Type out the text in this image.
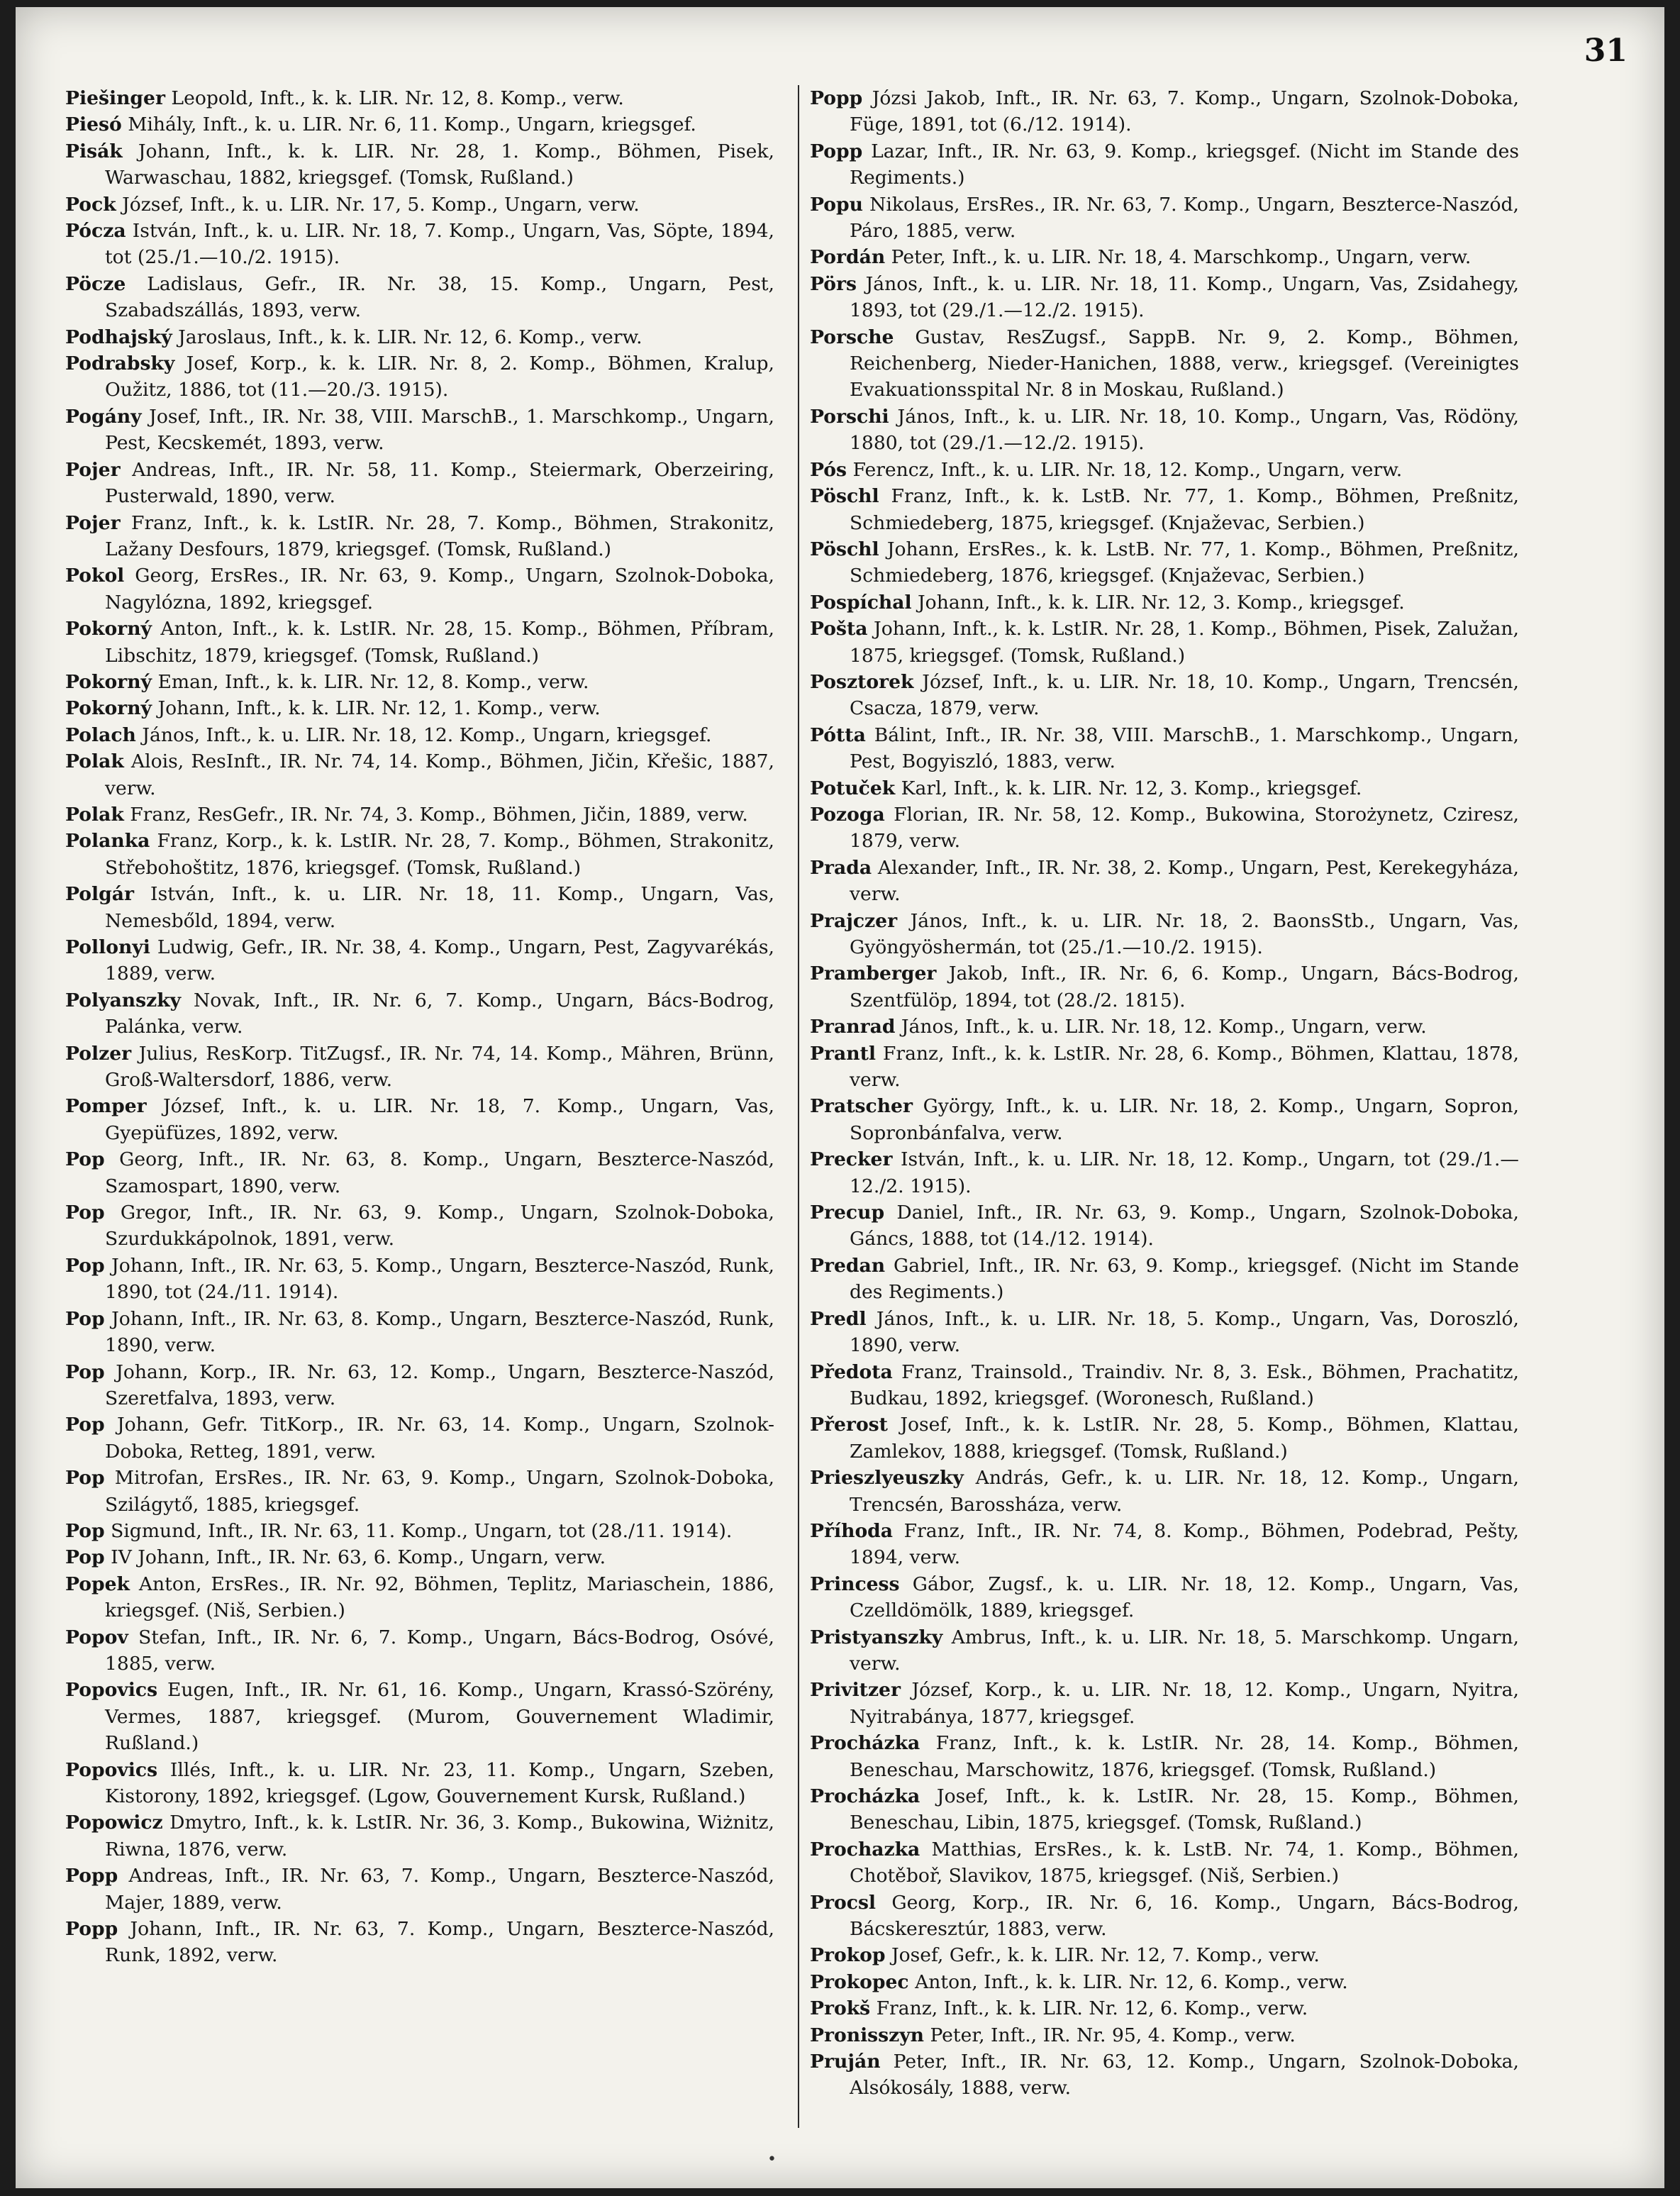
31

Piešinger Leopold, Inft., k. k. LIR. Nr. 12, 8. Komp., verw.

Piesó Mihály, Inft., k. u. LIR. Nr. 6, 11. Komp., Ungarn, kriegsgef.

Pisák Johann, Inft., k. k. LIR. Nr. 28, 1. Komp., Böhmen, Pisek, Warwaschau, 1882, kriegsgef. (Tomsk, Rußland.)

Pock József, Inft., k. u. LIR. Nr. 17, 5. Komp., Ungarn, verw.

Pócza István, Inft., k. u. LIR. Nr. 18, 7. Komp., Ungarn, Vas, Söpte, 1894, tot (25./1.—10./2. 1915).

Pöcze Ladislaus, Gefr., IR. Nr. 38, 15. Komp., Ungarn, Pest, Szabadszállás, 1893, verw.

Podhajský Jaroslaus, Inft., k. k. LIR. Nr. 12, 6. Komp., verw.

Podrabsky Josef, Korp., k. k. LIR. Nr. 8, 2. Komp., Böhmen, Kralup, Oužitz, 1886, tot (11.—20./3. 1915).

Pogány Josef, Inft., IR. Nr. 38, VIII. MarschB., 1. Marschkomp., Ungarn, Pest, Kecskemét, 1893, verw.

Pojer Andreas, Inft., IR. Nr. 58, 11. Komp., Steiermark, Oberzeiring, Pusterwald, 1890, verw.

Pojer Franz, Inft., k. k. LstIR. Nr. 28, 7. Komp., Böhmen, Strakonitz, Lažany Desfours, 1879, kriegsgef. (Tomsk, Rußland.)

Pokol Georg, ErsRes., IR. Nr. 63, 9. Komp., Ungarn, Szolnok-Doboka, Nagylózna, 1892, kriegsgef.

Pokorný Anton, Inft., k. k. LstIR. Nr. 28, 15. Komp., Böhmen, Příbram, Libschitz, 1879, kriegsgef. (Tomsk, Rußland.)

Pokorný Eman, Inft., k. k. LIR. Nr. 12, 8. Komp., verw.

Pokorný Johann, Inft., k. k. LIR. Nr. 12, 1. Komp., verw.

Polach János, Inft., k. u. LIR. Nr. 18, 12. Komp., Ungarn, kriegsgef.

Polak Alois, ResInft., IR. Nr. 74, 14. Komp., Böhmen, Jičin, Křešic, 1887, verw.

Polak Franz, ResGefr., IR. Nr. 74, 3. Komp., Böhmen, Jičin, 1889, verw.

Polanka Franz, Korp., k. k. LstIR. Nr. 28, 7. Komp., Böhmen, Strakonitz, Střebohoštitz, 1876, kriegsgef. (Tomsk, Rußland.)

Polgár István, Inft., k. u. LIR. Nr. 18, 11. Komp., Ungarn, Vas, Nemesbőld, 1894, verw.

Pollonyi Ludwig, Gefr., IR. Nr. 38, 4. Komp., Ungarn, Pest, Zagyvarékás, 1889, verw.

Polyanszky Novak, Inft., IR. Nr. 6, 7. Komp., Ungarn, Bács-Bodrog, Palánka, verw.

Polzer Julius, ResKorp. TitZugsf., IR. Nr. 74, 14. Komp., Mähren, Brünn, Groß-Waltersdorf, 1886, verw.

Pomper József, Inft., k. u. LIR. Nr. 18, 7. Komp., Ungarn, Vas, Gyepüfüzes, 1892, verw.

Pop Georg, Inft., IR. Nr. 63, 8. Komp., Ungarn, Beszterce-Naszód, Szamospart, 1890, verw.

Pop Gregor, Inft., IR. Nr. 63, 9. Komp., Ungarn, Szolnok-Doboka, Szurdukkápolnok, 1891, verw.

Pop Johann, Inft., IR. Nr. 63, 5. Komp., Ungarn, Beszterce-Naszód, Runk, 1890, tot (24./11. 1914).

Pop Johann, Inft., IR. Nr. 63, 8. Komp., Ungarn, Beszterce-Naszód, Runk, 1890, verw.

Pop Johann, Korp., IR. Nr. 63, 12. Komp., Ungarn, Beszterce-Naszód, Szeretfalva, 1893, verw.

Pop Johann, Gefr. TitKorp., IR. Nr. 63, 14. Komp., Ungarn, Szolnok-Doboka, Retteg, 1891, verw.

Pop Mitrofan, ErsRes., IR. Nr. 63, 9. Komp., Ungarn, Szolnok-Doboka, Szilágytő, 1885, kriegsgef.

Pop Sigmund, Inft., IR. Nr. 63, 11. Komp., Ungarn, tot (28./11. 1914).

Pop IV Johann, Inft., IR. Nr. 63, 6. Komp., Ungarn, verw.

Popek Anton, ErsRes., IR. Nr. 92, Böhmen, Teplitz, Mariaschein, 1886, kriegsgef. (Niš, Serbien.)

Popov Stefan, Inft., IR. Nr. 6, 7. Komp., Ungarn, Bács-Bodrog, Osóvé, 1885, verw.

Popovics Eugen, Inft., IR. Nr. 61, 16. Komp., Ungarn, Krassó-Szörény, Vermes, 1887, kriegsgef. (Murom, Gouvernement Wladimir, Rußland.)

Popovics Illés, Inft., k. u. LIR. Nr. 23, 11. Komp., Ungarn, Szeben, Kistorony, 1892, kriegsgef. (Lgow, Gouvernement Kursk, Rußland.)

Popowicz Dmytro, Inft., k. k. LstIR. Nr. 36, 3. Komp., Bukowina, Wiżnitz, Riwna, 1876, verw.

Popp Andreas, Inft., IR. Nr. 63, 7. Komp., Ungarn, Beszterce-Naszód, Majer, 1889, verw.

Popp Johann, Inft., IR. Nr. 63, 7. Komp., Ungarn, Beszterce-Naszód, Runk, 1892, verw.

Popp Józsi Jakob, Inft., IR. Nr. 63, 7. Komp., Ungarn, Szolnok-Doboka, Füge, 1891, tot (6./12. 1914).

Popp Lazar, Inft., IR. Nr. 63, 9. Komp., kriegsgef. (Nicht im Stande des Regiments.)

Popu Nikolaus, ErsRes., IR. Nr. 63, 7. Komp., Ungarn, Beszterce-Naszód, Páro, 1885, verw.

Pordán Peter, Inft., k. u. LIR. Nr. 18, 4. Marschkomp., Ungarn, verw.

Pörs János, Inft., k. u. LIR. Nr. 18, 11. Komp., Ungarn, Vas, Zsidahegy, 1893, tot (29./1.—12./2. 1915).

Porsche Gustav, ResZugsf., SappB. Nr. 9, 2. Komp., Böhmen, Reichenberg, Nieder-Hanichen, 1888, verw., kriegsgef. (Vereinigtes Evakuationsspital Nr. 8 in Moskau, Rußland.)

Porschi János, Inft., k. u. LIR. Nr. 18, 10. Komp., Ungarn, Vas, Rödöny, 1880, tot (29./1.—12./2. 1915).

Pós Ferencz, Inft., k. u. LIR. Nr. 18, 12. Komp., Ungarn, verw.

Pöschl Franz, Inft., k. k. LstB. Nr. 77, 1. Komp., Böhmen, Preßnitz, Schmiedeberg, 1875, kriegsgef. (Knjaževac, Serbien.)

Pöschl Johann, ErsRes., k. k. LstB. Nr. 77, 1. Komp., Böhmen, Preßnitz, Schmiedeberg, 1876, kriegsgef. (Knjaževac, Serbien.)

Pospíchal Johann, Inft., k. k. LIR. Nr. 12, 3. Komp., kriegsgef.

Pošta Johann, Inft., k. k. LstIR. Nr. 28, 1. Komp., Böhmen, Pisek, Zalužan, 1875, kriegsgef. (Tomsk, Rußland.)

Posztorek József, Inft., k. u. LIR. Nr. 18, 10. Komp., Ungarn, Trencsén, Csacza, 1879, verw.

Pótta Bálint, Inft., IR. Nr. 38, VIII. MarschB., 1. Marschkomp., Ungarn, Pest, Bogyiszló, 1883, verw.

Potuček Karl, Inft., k. k. LIR. Nr. 12, 3. Komp., kriegsgef.

Pozoga Florian, IR. Nr. 58, 12. Komp., Bukowina, Storożynetz, Cziresz, 1879, verw.

Prada Alexander, Inft., IR. Nr. 38, 2. Komp., Ungarn, Pest, Kerekegyháza, verw.

Prajczer János, Inft., k. u. LIR. Nr. 18, 2. BaonsStb., Ungarn, Vas, Gyöngyöshermán, tot (25./1.—10./2. 1915).

Pramberger Jakob, Inft., IR. Nr. 6, 6. Komp., Ungarn, Bács-Bodrog, Szentfülöp, 1894, tot (28./2. 1815).

Pranrad János, Inft., k. u. LIR. Nr. 18, 12. Komp., Ungarn, verw.

Prantl Franz, Inft., k. k. LstIR. Nr. 28, 6. Komp., Böhmen, Klattau, 1878, verw.

Pratscher György, Inft., k. u. LIR. Nr. 18, 2. Komp., Ungarn, Sopron, Sopronbánfalva, verw.

Precker István, Inft., k. u. LIR. Nr. 18, 12. Komp., Ungarn, tot (29./1.—12./2. 1915).

Precup Daniel, Inft., IR. Nr. 63, 9. Komp., Ungarn, Szolnok-Doboka, Gáncs, 1888, tot (14./12. 1914).

Predan Gabriel, Inft., IR. Nr. 63, 9. Komp., kriegsgef. (Nicht im Stande des Regiments.)

Predl János, Inft., k. u. LIR. Nr. 18, 5. Komp., Ungarn, Vas, Doroszló, 1890, verw.

Předota Franz, Trainsold., Traindiv. Nr. 8, 3. Esk., Böhmen, Prachatitz, Budkau, 1892, kriegsgef. (Woronesch, Rußland.)

Přerost Josef, Inft., k. k. LstIR. Nr. 28, 5. Komp., Böhmen, Klattau, Zamlekov, 1888, kriegsgef. (Tomsk, Rußland.)

Prieszlyeuszky András, Gefr., k. u. LIR. Nr. 18, 12. Komp., Ungarn, Trencsén, Barossháza, verw.

Příhoda Franz, Inft., IR. Nr. 74, 8. Komp., Böhmen, Podebrad, Pešty, 1894, verw.

Princess Gábor, Zugsf., k. u. LIR. Nr. 18, 12. Komp., Ungarn, Vas, Czelldömölk, 1889, kriegsgef.

Pristyanszky Ambrus, Inft., k. u. LIR. Nr. 18, 5. Marschkomp. Ungarn, verw.

Privitzer József, Korp., k. u. LIR. Nr. 18, 12. Komp., Ungarn, Nyitra, Nyitrabánya, 1877, kriegsgef.

Procházka Franz, Inft., k. k. LstIR. Nr. 28, 14. Komp., Böhmen, Beneschau, Marschowitz, 1876, kriegsgef. (Tomsk, Rußland.)

Procházka Josef, Inft., k. k. LstIR. Nr. 28, 15. Komp., Böhmen, Beneschau, Libin, 1875, kriegsgef. (Tomsk, Rußland.)

Prochazka Matthias, ErsRes., k. k. LstB. Nr. 74, 1. Komp., Böhmen, Chotěboř, Slavikov, 1875, kriegsgef. (Niš, Serbien.)

Procsl Georg, Korp., IR. Nr. 6, 16. Komp., Ungarn, Bács-Bodrog, Bácskeresztúr, 1883, verw.

Prokop Josef, Gefr., k. k. LIR. Nr. 12, 7. Komp., verw.

Prokopec Anton, Inft., k. k. LIR. Nr. 12, 6. Komp., verw.

Prokš Franz, Inft., k. k. LIR. Nr. 12, 6. Komp., verw.

Pronisszyn Peter, Inft., IR. Nr. 95, 4. Komp., verw.

Pruján Peter, Inft., IR. Nr. 63, 12. Komp., Ungarn, Szolnok-Doboka, Alsókosály, 1888, verw.

•
